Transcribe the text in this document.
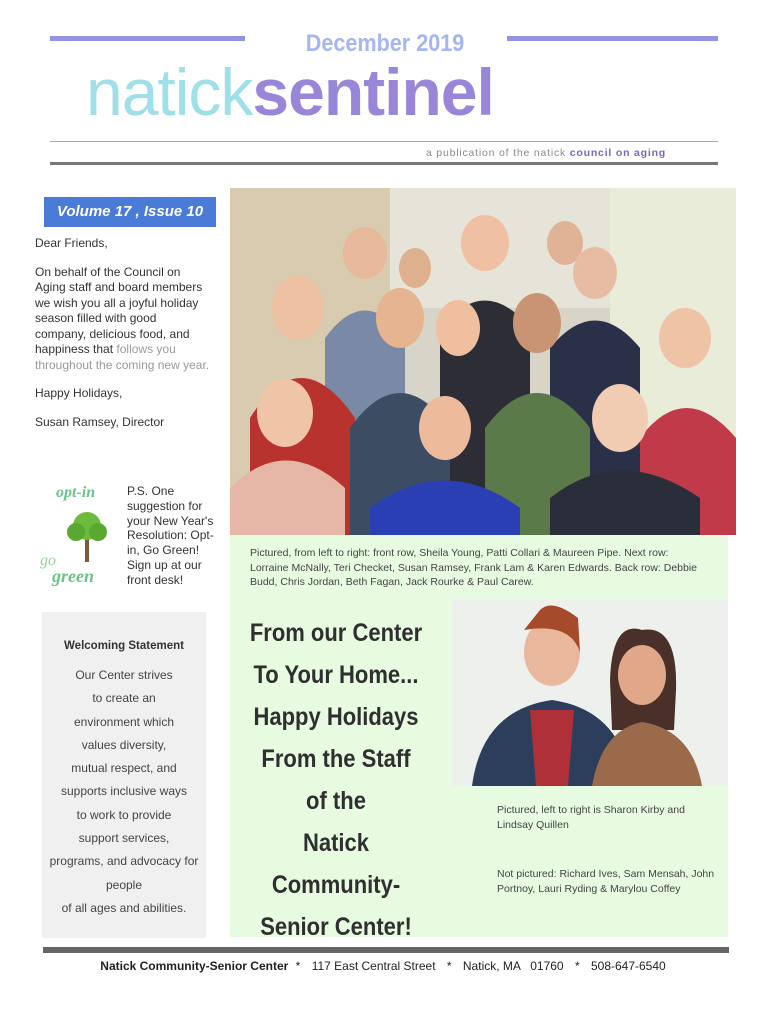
December 2019
naticksentinel
a publication of the natick council on aging
Volume 17 , Issue 10

Dear Friends,

On behalf of the Council on Aging staff and board members we wish you all a joyful holiday season filled with good company, delicious food, and happiness that follows you throughout the coming new year.

Happy Holidays,

Susan Ramsey, Director

opt-in
go
green
P.S. One suggestion for your New Year's Resolution: Opt-in, Go Green! Sign up at our front desk!
Pictured, from left to right: front row, Sheila Young, Patti Collari & Maureen Pipe. Next row: Lorraine McNally, Teri Checket, Susan Ramsey, Frank Lam & Karen Edwards. Back row: Debbie Budd, Chris Jordan, Beth Fagan, Jack Rourke & Paul Carew.
From our Center
To Your Home...
Happy Holidays
From the Staff
of the
Natick Community-
Senior Center!
Pictured, left to right is Sharon Kirby and Lindsay Quillen
Not pictured: Richard Ives, Sam Mensah, John Portnoy, Lauri Ryding & Marylou Coffey
Welcoming Statement
Our Center strives
to create an
environment which
values diversity,
mutual respect, and
supports inclusive ways
to work to provide
support services,
programs, and advocacy for
people
of all ages and abilities.
Natick Community-Senior Center * 117 East Central Street * Natick, MA   01760 * 508-647-6540
